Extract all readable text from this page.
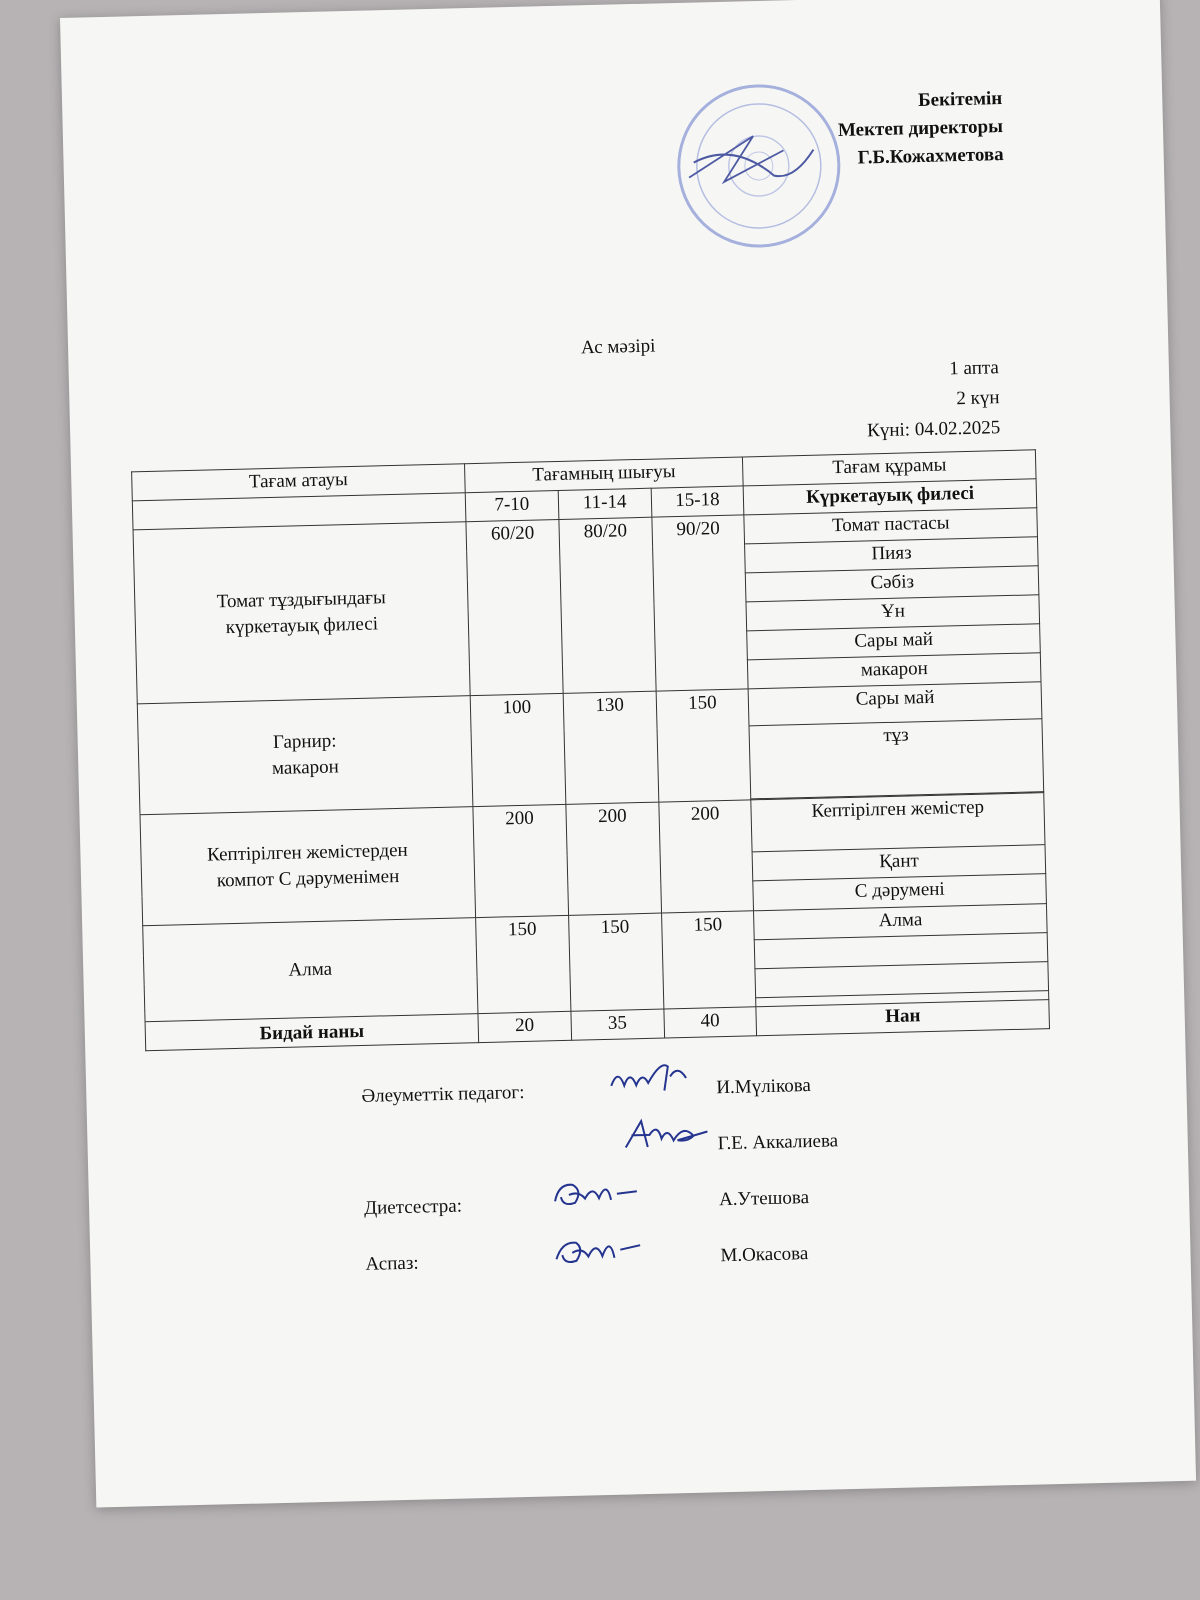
Бекітемін
Мектеп директоры
Г.Б.Кожахметова
Ас мәзірі
1 апта
2 күн
Күні: 04.02.2025
Тағам атауы	Тағамның шығуы			Тағам құрамы
	7-10	11-14	15-18	Күркетауық филесі

Томат тұздығындағы
күркетауық филесі	60/20	80/20	90/20	Томат пастасы
				Пияз
				Сәбіз
				Ұн
				Сары май
				макарон

Гарнир:
макарон	100	130	150	Сары май
				тұз

Кептірілген жемістерден
компот С дәруменімен	200	200	200	Кептірілген жемістер
				Қант
				С дәрумені

Алма	150	150	150	Алма

Бидай наны	20	35	40	Нан
Әлеуметтік педагог:	И.Мүлікова
Г.Е. Аккалиева
Диетсестра:	А.Утешова
Аспаз:	М.Окасова
